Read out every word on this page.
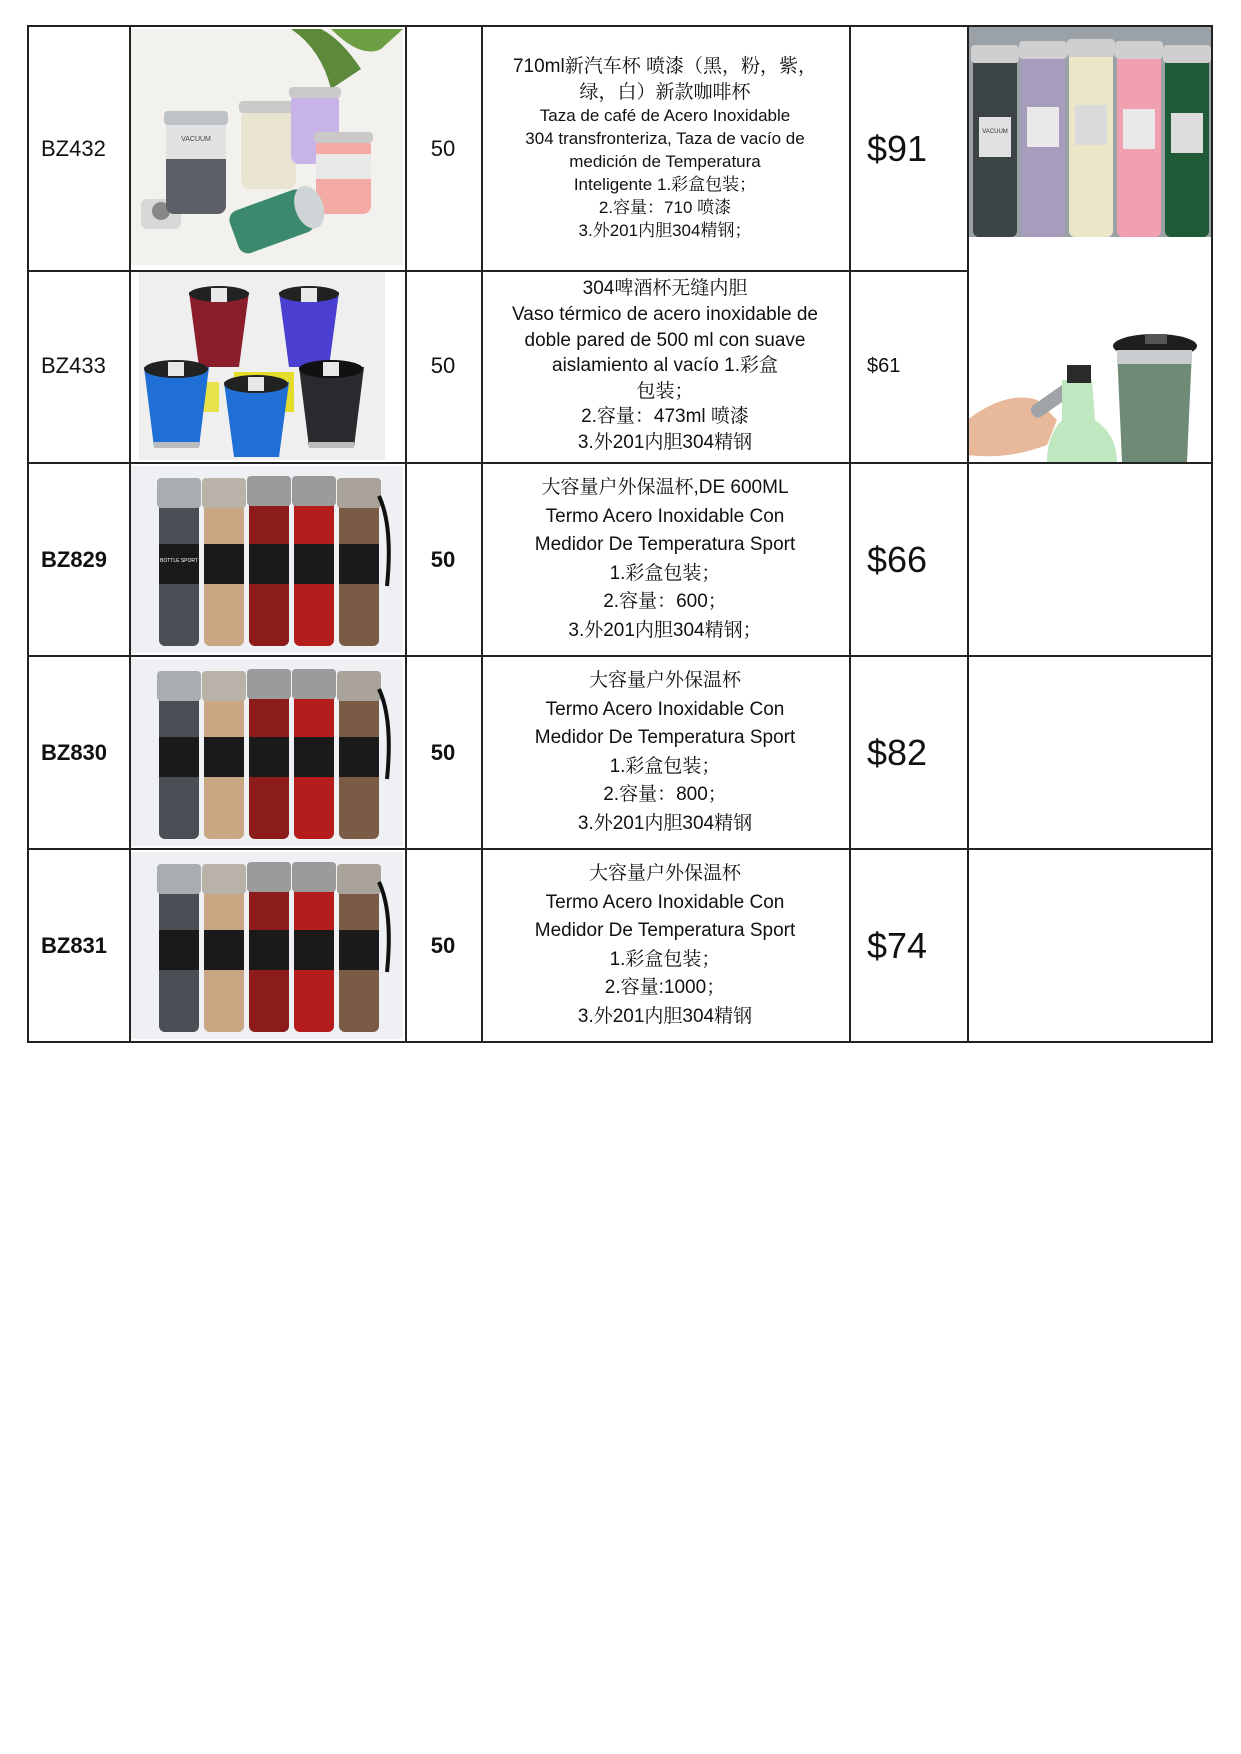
BZ432	VACUUM	50
710ml新汽车杯 喷漆（黑，粉，紫，
绿，白）新款咖啡杯
Taza de café de Acero Inoxidable
304 transfronteriza, Taza de vacío de
medición de Temperatura
Inteligente 1.彩盒包装；
2.容量：710 喷漆
3.外201内胆304精钢；
$91	VACUUM
BZ433	50
304啤酒杯无缝内胆
Vaso térmico de acero inoxidable de
doble pared de 500 ml con suave
aislamiento al vacío 1.彩盒
包装；
2.容量：473ml 喷漆
3.外201内胆304精钢
$61
BZ829	BOTTLE SPORT	50
大容量户外保温杯,DE 600ML
Termo Acero Inoxidable Con
Medidor De Temperatura Sport
1.彩盒包装；
2.容量：600；
3.外201内胆304精钢；
$66
BZ830	50
大容量户外保温杯
Termo Acero Inoxidable Con
Medidor De Temperatura Sport
1.彩盒包装；
2.容量：800；
3.外201内胆304精钢
$82
BZ831	50
大容量户外保温杯
Termo Acero Inoxidable Con
Medidor De Temperatura Sport
1.彩盒包装；
2.容量:1000；
3.外201内胆304精钢
$74
